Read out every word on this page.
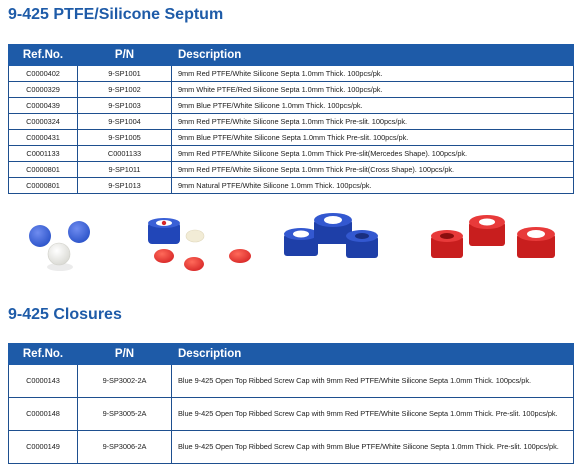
9-425 PTFE/Silicone Septum
Ref.No.	P/N	Description
C0000402	9-SP1001	9mm Red PTFE/White Silicone Septa 1.0mm Thick. 100pcs/pk.
C0000329	9-SP1002	9mm White PTFE/Red Silicone Septa 1.0mm Thick. 100pcs/pk.
C0000439	9-SP1003	9mm Blue PTFE/White Silicone 1.0mm Thick. 100pcs/pk.
C0000324	9-SP1004	9mm Red PTFE/White Silicone Septa 1.0mm Thick Pre-slit. 100pcs/pk.
C0000431	9-SP1005	9mm Blue PTFE/White Silicone Septa 1.0mm Thick Pre-slit. 100pcs/pk.
C0001133	C0001133	9mm Red PTFE/White Silicone Septa 1.0mm Thick Pre-slit(Mercedes Shape). 100pcs/pk.
C0000801	9-SP1011	9mm Red PTFE/White Silicone Septa 1.0mm Thick Pre-slit(Cross Shape). 100pcs/pk.
C0000801	9-SP1013	9mm Natural PTFE/White Silicone 1.0mm Thick. 100pcs/pk.
9-425 Closures
Ref.No.	P/N	Description
C0000143	9-SP3002-2A	Blue 9-425 Open Top Ribbed Screw Cap with 9mm Red PTFE/White Silicone Septa 1.0mm Thick. 100pcs/pk.
C0000148	9-SP3005-2A	Blue 9-425 Open Top Ribbed Screw Cap with 9mm Red PTFE/White Silicone Septa 1.0mm Thick. Pre-slit. 100pcs/pk.
C0000149	9-SP3006-2A	Blue 9-425 Open Top Ribbed Screw Cap with 9mm Blue PTFE/White Silicone Septa 1.0mm Thick. Pre-slit. 100pcs/pk.
